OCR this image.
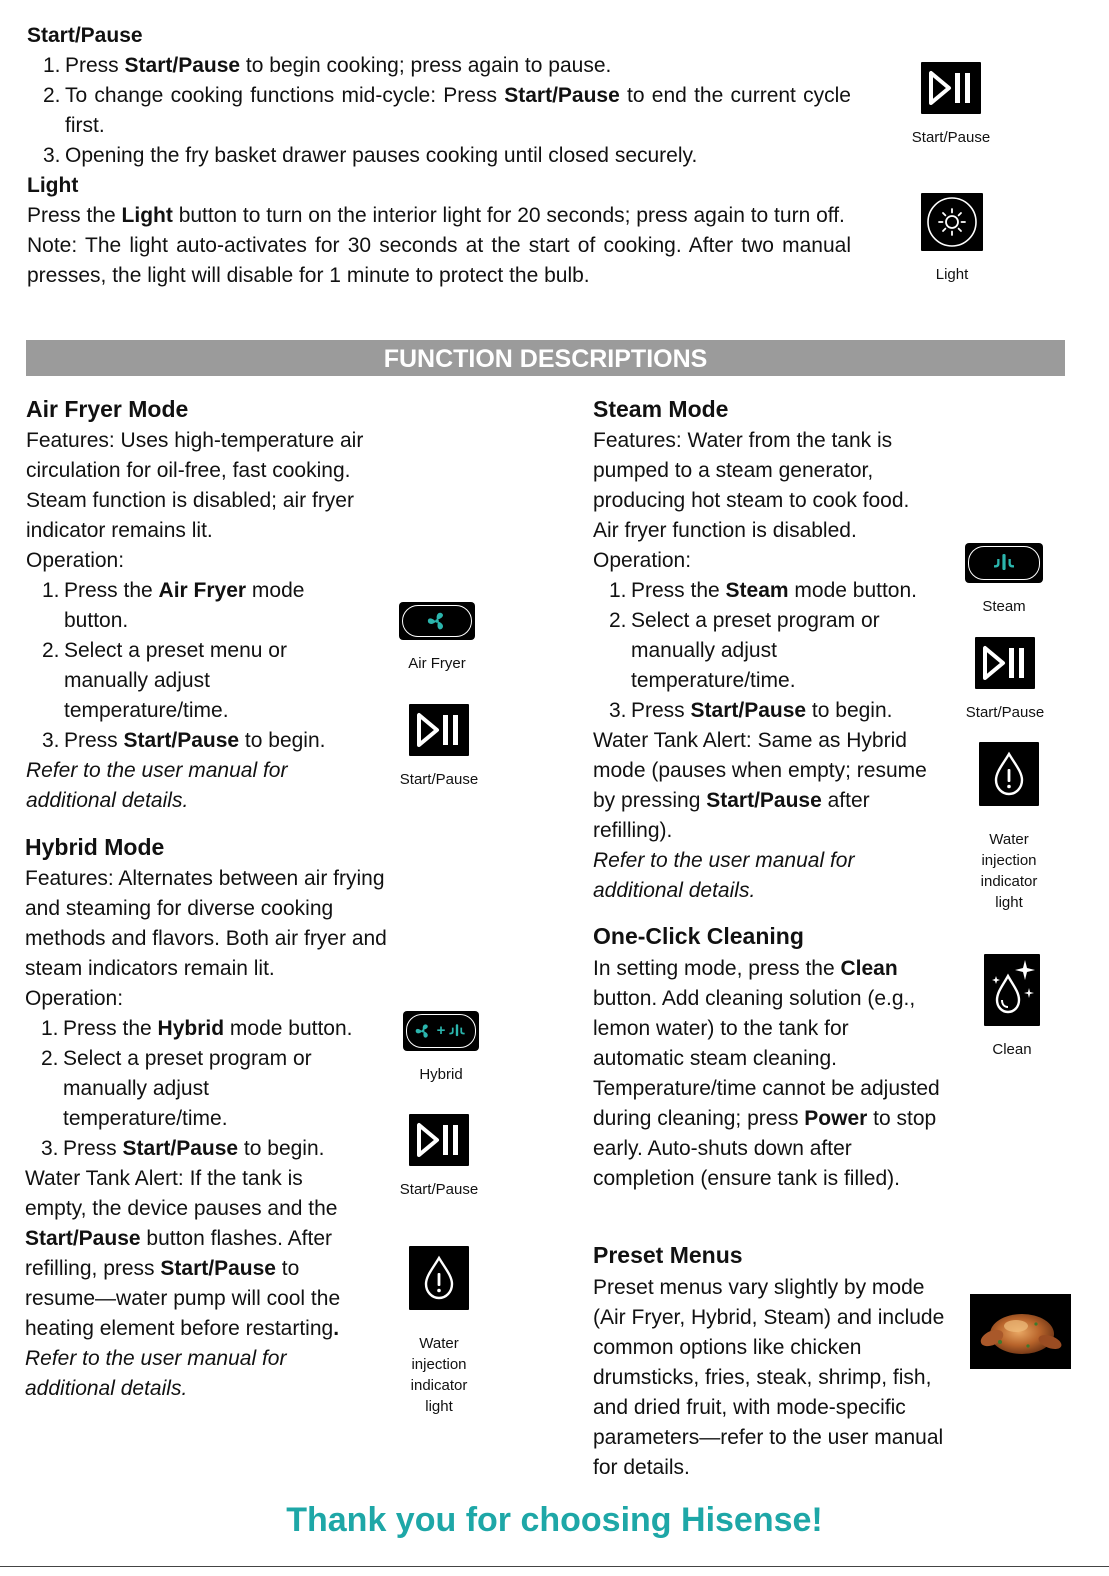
Start/Pause

1. Press Start/Pause to begin cooking; press again to pause.
2. To change cooking functions mid-cycle: Press Start/Pause to end the current cycle first.
3. Opening the fry basket drawer pauses cooking until closed securely.

Light

Press the Light button to turn on the interior light for 20 seconds; press again to turn off.

Note: The light auto-activates for 30 seconds at the start of cooking. After two manual presses, the light will disable for 1 minute to protect the bulb.

Start/Pause
Light
FUNCTION DESCRIPTIONS

Air Fryer Mode

Features: Uses high-temperature air circulation for oil-free, fast cooking. Steam function is disabled; air fryer indicator remains lit.

Operation:

1. Press the Air Fryer mode button.
2. Select a preset menu or manually adjust temperature/time.
3. Press Start/Pause to begin.

Refer to the user manual for additional details.

Hybrid Mode

Features: Alternates between air frying and steaming for diverse cooking methods and flavors. Both air fryer and steam indicators remain lit.

Operation:

1. Press the Hybrid mode button.
2. Select a preset program or manually adjust temperature/time.
3. Press Start/Pause to begin.

Water Tank Alert: If the tank is empty, the device pauses and the Start/Pause button flashes. After refilling, press Start/Pause to resume—water pump will cool the heating element before restarting.

Refer to the user manual for additional details.

Air Fryer
Start/Pause
+
Hybrid
Start/Pause
Water injection indicator light

Steam Mode

Features: Water from the tank is pumped to a steam generator, producing hot steam to cook food. Air fryer function is disabled.

Operation:

1. Press the Steam mode button.
2. Select a preset program or manually adjust temperature/time.
3. Press Start/Pause to begin.

Water Tank Alert: Same as Hybrid mode (pauses when empty; resume by pressing Start/Pause after refilling).

Refer to the user manual for additional details.

One-Click Cleaning

In setting mode, press the Clean button. Add cleaning solution (e.g., lemon water) to the tank for automatic steam cleaning. Temperature/time cannot be adjusted during cleaning; press Power to stop early. Auto-shuts down after completion (ensure tank is filled).

Preset Menus

Preset menus vary slightly by mode (Air Fryer, Hybrid, Steam) and include common options like chicken drumsticks, fries, steak, shrimp, fish, and dried fruit, with mode-specific parameters—refer to the user manual for details.

Steam
Start/Pause
Water injection indicator light
Clean
Thank you for choosing Hisense!
